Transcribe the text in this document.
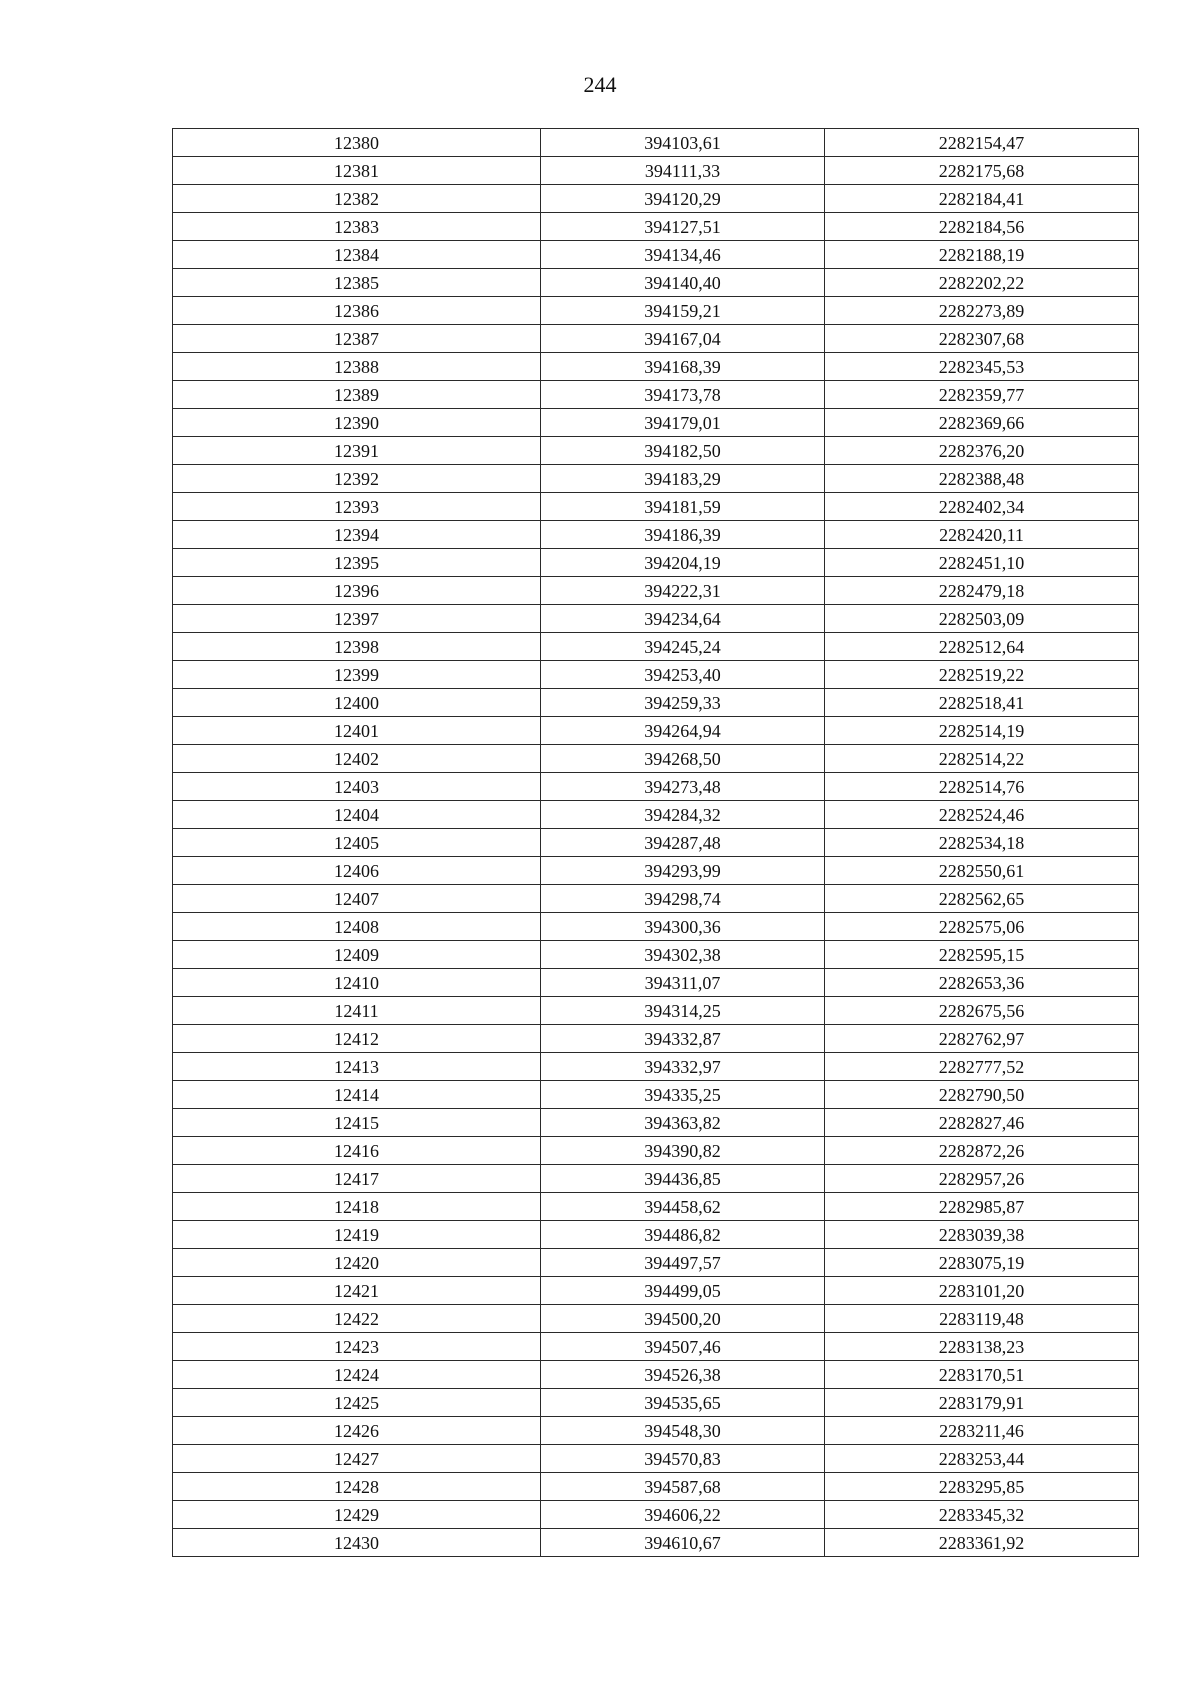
244
12380	394103,61	2282154,47
12381	394111,33	2282175,68
12382	394120,29	2282184,41
12383	394127,51	2282184,56
12384	394134,46	2282188,19
12385	394140,40	2282202,22
12386	394159,21	2282273,89
12387	394167,04	2282307,68
12388	394168,39	2282345,53
12389	394173,78	2282359,77
12390	394179,01	2282369,66
12391	394182,50	2282376,20
12392	394183,29	2282388,48
12393	394181,59	2282402,34
12394	394186,39	2282420,11
12395	394204,19	2282451,10
12396	394222,31	2282479,18
12397	394234,64	2282503,09
12398	394245,24	2282512,64
12399	394253,40	2282519,22
12400	394259,33	2282518,41
12401	394264,94	2282514,19
12402	394268,50	2282514,22
12403	394273,48	2282514,76
12404	394284,32	2282524,46
12405	394287,48	2282534,18
12406	394293,99	2282550,61
12407	394298,74	2282562,65
12408	394300,36	2282575,06
12409	394302,38	2282595,15
12410	394311,07	2282653,36
12411	394314,25	2282675,56
12412	394332,87	2282762,97
12413	394332,97	2282777,52
12414	394335,25	2282790,50
12415	394363,82	2282827,46
12416	394390,82	2282872,26
12417	394436,85	2282957,26
12418	394458,62	2282985,87
12419	394486,82	2283039,38
12420	394497,57	2283075,19
12421	394499,05	2283101,20
12422	394500,20	2283119,48
12423	394507,46	2283138,23
12424	394526,38	2283170,51
12425	394535,65	2283179,91
12426	394548,30	2283211,46
12427	394570,83	2283253,44
12428	394587,68	2283295,85
12429	394606,22	2283345,32
12430	394610,67	2283361,92
